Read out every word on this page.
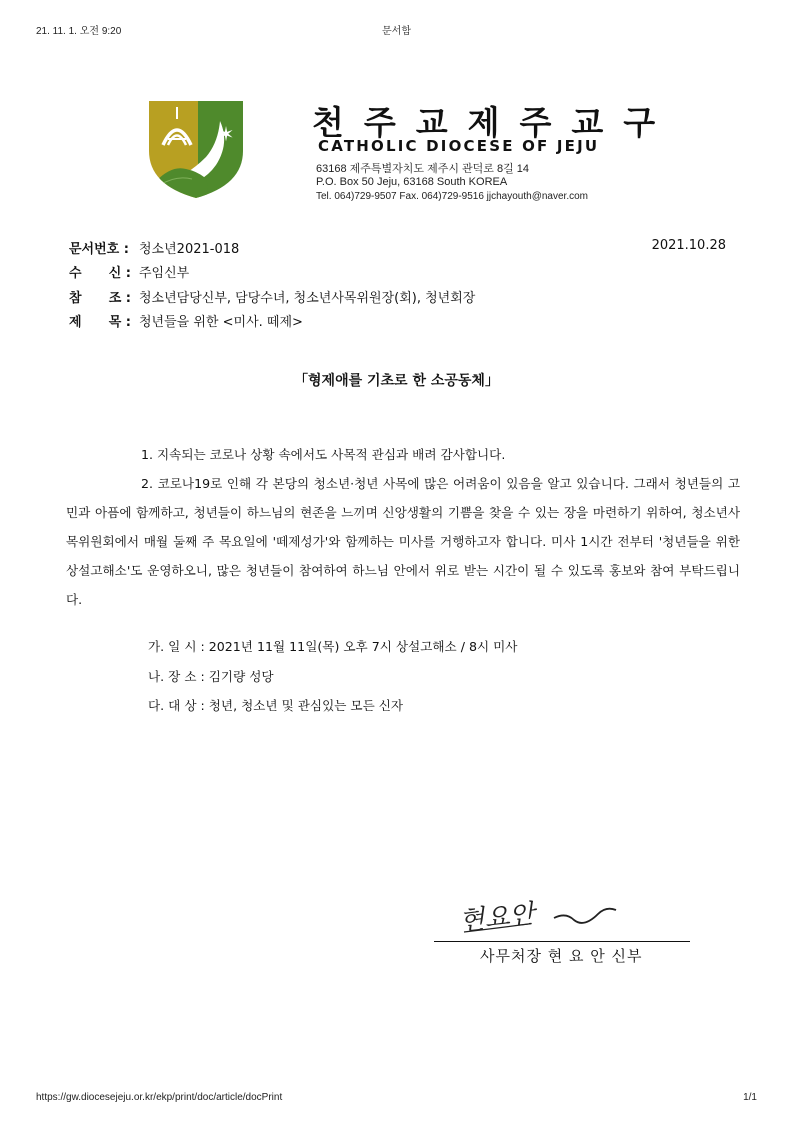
21. 11. 1. 오전 9:20	문서함
✶ 천주교제주교구
CATHOLIC DIOCESE OF JEJU
63168 제주특별자치도 제주시 관덕로 8길 14
P.O. Box 50 Jeju, 63168 South KOREA
Tel. 064)729-9507 Fax. 064)729-9516 jjchayouth@naver.com
문서번호 : 청소년2021-018	2021.10.28
수      신 : 주임신부
참      조 : 청소년담당신부, 담당수녀, 청소년사목위원장(회), 청년회장
제      목 : 청년들을 위한 <미사. 떼제>
「형제애를 기초로 한 소공동체」

1. 지속되는 코로나 상황 속에서도 사목적 관심과 배려 감사합니다.

2. 코로나19로 인해 각 본당의 청소년·청년 사목에 많은 어려움이 있음을 알고 있습니다. 그래서 청년들의 고민과 아픔에 함께하고, 청년들이 하느님의 현존을 느끼며 신앙생활의 기쁨을 찾을 수 있는 장을 마련하기 위하여, 청소년사목위원회에서 매월 둘째 주 목요일에 '떼제성가'와 함께하는 미사를 거행하고자 합니다. 미사 1시간 전부터 '청년들을 위한 상설고해소'도 운영하오니, 많은 청년들이 참여하여 하느님 안에서 위로 받는 시간이 될 수 있도록 홍보와 참여 부탁드립니다.

가. 일 시 : 2021년 11월 11일(목) 오후 7시 상설고해소 / 8시 미사
나. 장 소 : 김기량 성당
다. 대 상 : 청년, 청소년 및 관심있는 모든 신자
현요안
사무처장 현 요 안 신부
https://gw.diocesejeju.or.kr/ekp/print/doc/article/docPrint	1/1
